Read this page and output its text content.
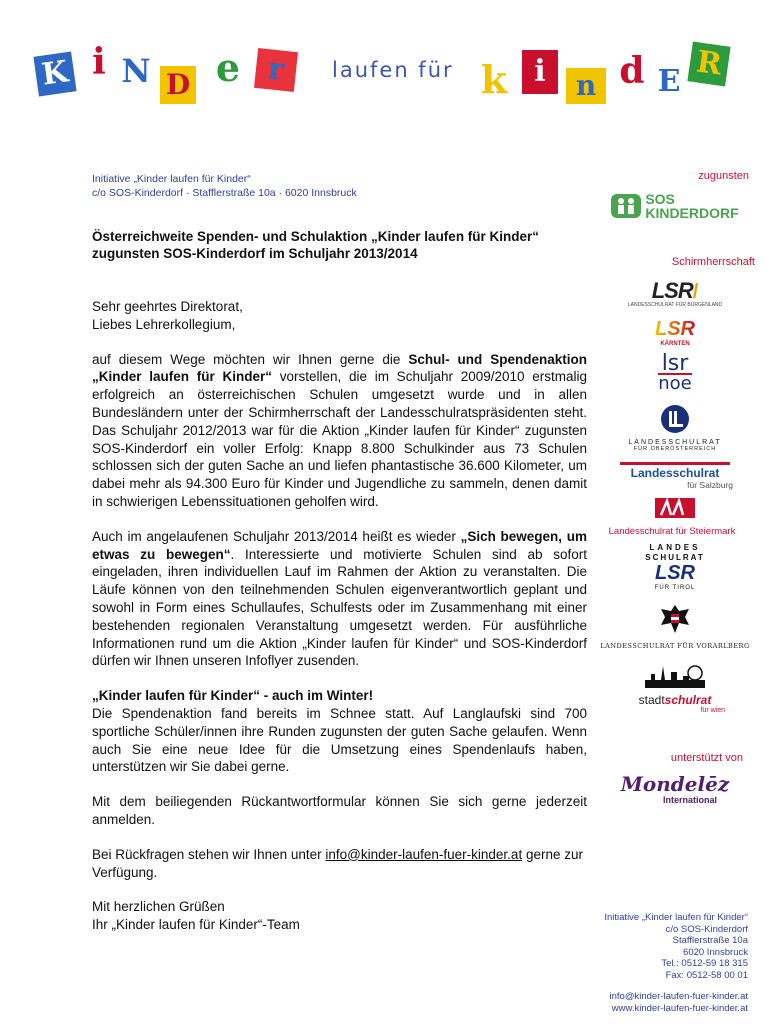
K i N D e r	laufen für k i	n d E R
Initiative „Kinder laufen für Kinder“
c/o SOS-Kinderdorf · Stafflerstraße 10a · 6020 Innsbruck
Österreichweite Spenden- und Schulaktion „Kinder laufen für Kinder“
zugunsten SOS-Kinderdorf im Schuljahr 2013/2014
Sehr geehrtes Direktorat,
Liebes Lehrerkollegium,

auf diesem Wege möchten wir Ihnen gerne die Schul- und Spendenaktion „Kinder laufen für Kinder“ vorstellen, die im Schuljahr 2009/2010 erstmalig erfolgreich an österreichischen Schulen umgesetzt wurde und in allen Bundesländern unter der Schirmherrschaft der Landesschulratspräsidenten steht. Das Schuljahr 2012/2013 war für die Aktion „Kinder laufen für Kinder“ zugunsten SOS-Kinderdorf ein voller Erfolg: Knapp 8.800 Schulkinder aus 73 Schulen schlossen sich der guten Sache an und liefen phantastische 36.600 Kilometer, um dabei mehr als 94.300 Euro für Kinder und Jugendliche zu sammeln, denen damit in schwierigen Lebenssituationen geholfen wird.

Auch im angelaufenen Schuljahr 2013/2014 heißt es wieder „Sich bewegen, um etwas zu bewegen“. Interessierte und motivierte Schulen sind ab sofort eingeladen, ihren individuellen Lauf im Rahmen der Aktion zu veranstalten. Die Läufe können von den teilnehmenden Schulen eigenverantwortlich geplant und sowohl in Form eines Schullaufes, Schulfests oder im Zusammenhang mit einer bestehenden regionalen Veranstaltung umgesetzt werden. Für ausführliche Informationen rund um die Aktion „Kinder laufen für Kinder“ und SOS-Kinderdorf dürfen wir Ihnen unseren Infoflyer zusenden.

„Kinder laufen für Kinder“ - auch im Winter!

Die Spendenaktion fand bereits im Schnee statt. Auf Langlaufski sind 700 sportliche Schüler/innen ihre Runden zugunsten der guten Sache gelaufen. Wenn auch Sie eine neue Idee für die Umsetzung eines Spendenlaufs haben, unterstützen wir Sie dabei gerne.

Mit dem beiliegenden Rückantwortformular können Sie sich gerne jederzeit anmelden.

Bei Rückfragen stehen wir Ihnen unter info@kinder-laufen-fuer-kinder.at gerne zur Verfügung.

Mit herzlichen Grüßen
Ihr „Kinder laufen für Kinder“-Team
zugunsten
SOS
KINDERDORF
Schirmherrschaft
LSR/
LANDESSCHULRAT FÜR BURGENLAND
LSR
KÄRNTEN
lsr
noe
LANDESSCHULRAT
FÜR OBERÖSTERREICH
Landesschulrat
für Salzburg
Landesschulrat für Steiermark
LANDES
SCHULRAT
LSR
FÜR TIROL
LANDESSCHULRAT FÜR VORARLBERG
stadtschulrat
für wien
unterstützt von
Mondelēz
International
Initiative „Kinder laufen für Kinder“
c/o SOS-Kinderdorf
Stafflerstraße 10a
6020 Innsbruck
Tel.: 0512-59 18 315
Fax: 0512-58 00 01
info@kinder-laufen-fuer-kinder.at
www.kinder-laufen-fuer-kinder.at
